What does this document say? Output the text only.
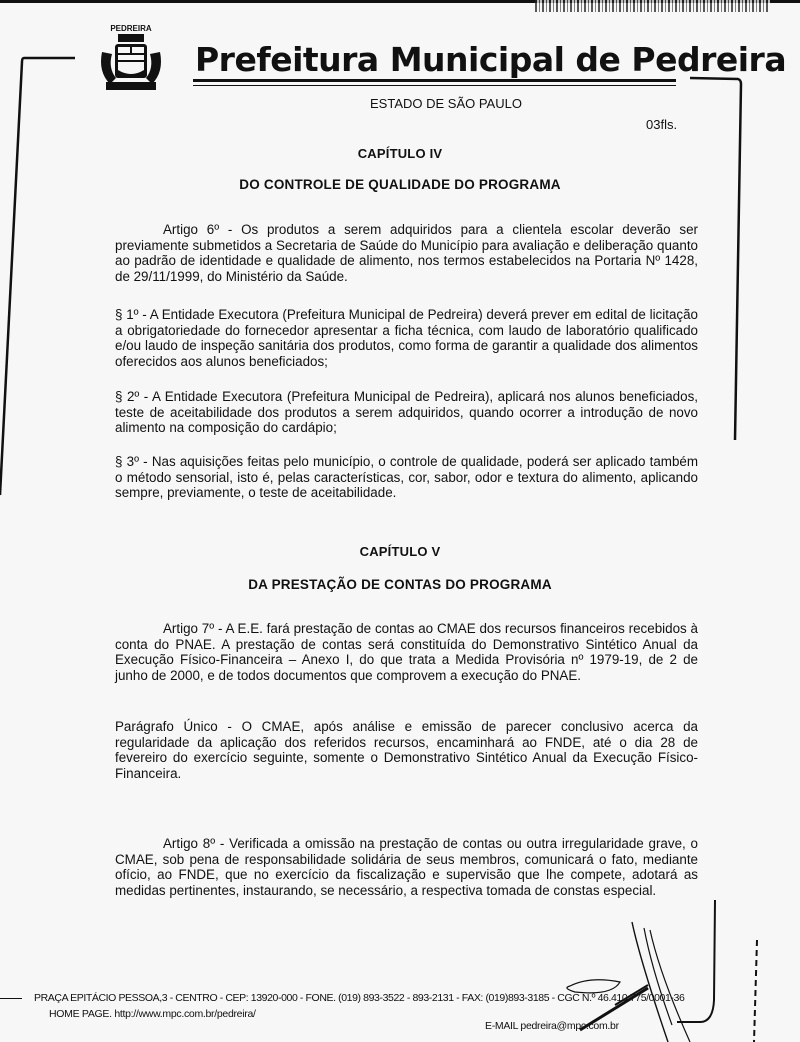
PEDREIRA
Prefeitura Municipal de Pedreira
ESTADO DE SÃO PAULO
03fls.
CAPÍTULO IV
DO CONTROLE DE QUALIDADE DO PROGRAMA
Artigo 6º - Os produtos a serem adquiridos para a clientela escolar deverão ser previamente submetidos a Secretaria de Saúde do Município para avaliação e deliberação quanto ao padrão de identidade e qualidade de alimento, nos termos estabelecidos na Portaria Nº 1428, de 29/11/1999, do Ministério da Saúde.
§ 1º - A Entidade Executora (Prefeitura Municipal de Pedreira) deverá prever em edital de licitação a obrigatoriedade do fornecedor apresentar a ficha técnica, com laudo de laboratório qualificado e/ou laudo de inspeção sanitária dos produtos, como forma de garantir a qualidade dos alimentos oferecidos aos alunos beneficiados;
§ 2º - A Entidade Executora (Prefeitura Municipal de Pedreira), aplicará nos alunos beneficiados, teste de aceitabilidade dos produtos a serem adquiridos, quando ocorrer a introdução de novo alimento na composição do cardápio;
§ 3º - Nas aquisições feitas pelo município, o controle de qualidade, poderá ser aplicado também o método sensorial, isto é, pelas características, cor, sabor, odor e textura do alimento, aplicando sempre, previamente, o teste de aceitabilidade.
CAPÍTULO V
DA PRESTAÇÃO DE CONTAS DO PROGRAMA
Artigo 7º - A E.E. fará prestação de contas ao CMAE dos recursos financeiros recebidos à conta do PNAE. A prestação de contas será constituída do Demonstrativo Sintético Anual da Execução Físico-Financeira – Anexo I, do que trata a Medida Provisória nº 1979-19, de 2 de junho de 2000, e de todos documentos que comprovem a execução do PNAE.
Parágrafo Único - O CMAE, após análise e emissão de parecer conclusivo acerca da regularidade da aplicação dos referidos recursos, encaminhará ao FNDE, até o dia 28 de fevereiro do exercício seguinte, somente o Demonstrativo Sintético Anual da Execução Físico-Financeira.
Artigo 8º - Verificada a omissão na prestação de contas ou outra irregularidade grave, o CMAE, sob pena de responsabilidade solidária de seus membros, comunicará o fato, mediante ofício, ao FNDE, que no exercício da fiscalização e supervisão que lhe compete, adotará as medidas pertinentes, instaurando, se necessário, a respectiva tomada de constas especial.
PRAÇA EPITÁCIO PESSOA,3 - CENTRO - CEP: 13920-000 - FONE. (019) 893-3522 - 893-2131 - FAX: (019)893-3185 - CGC N.º 46.410.775/0001-36
HOME PAGE. http://www.mpc.com.br/pedreira/
E-MAIL pedreira@mpc.com.br
